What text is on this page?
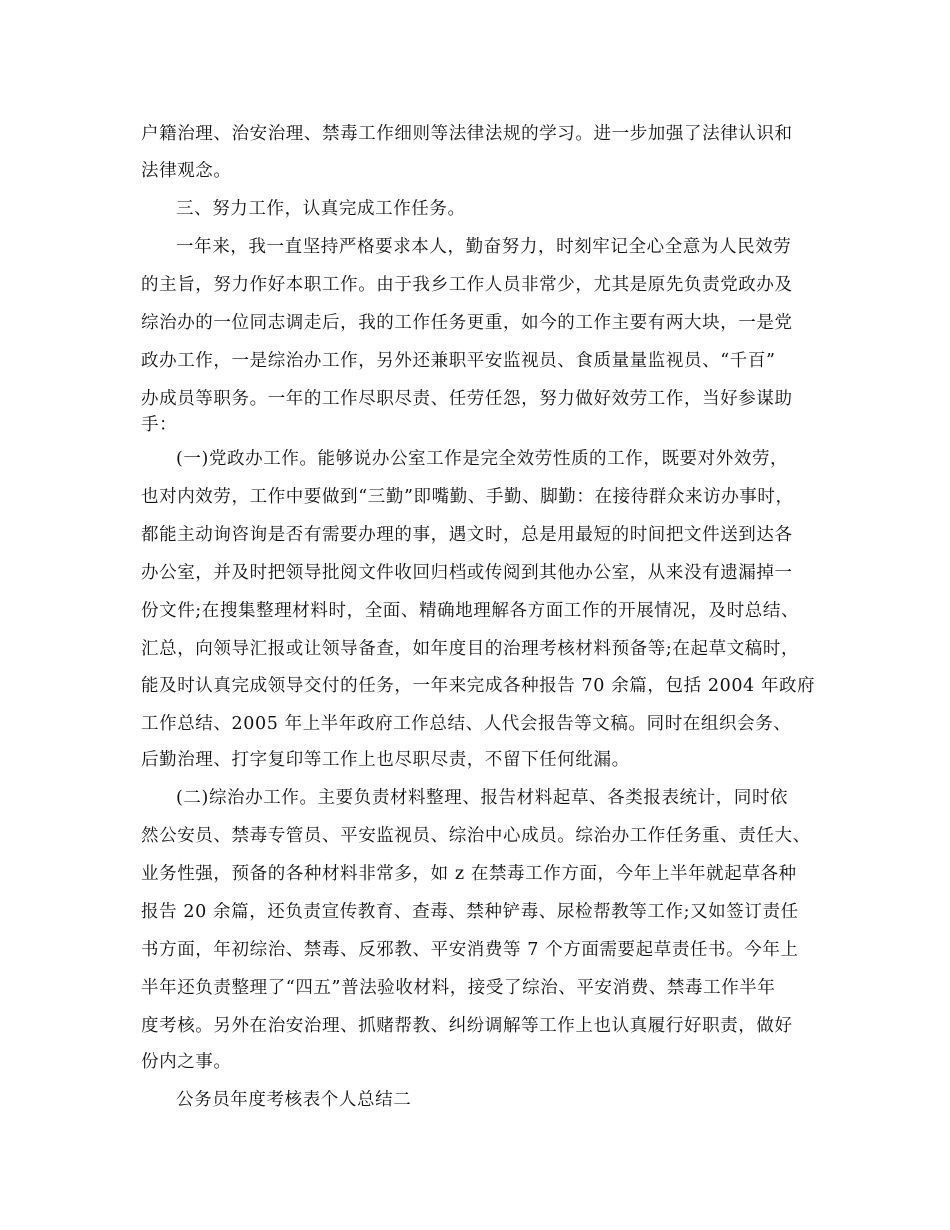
户籍治理、治安治理、禁毒工作细则等法律法规的学习。进一步加强了法律认识和
法律观念。
三、努力工作，认真完成工作任务。
一年来，我一直坚持严格要求本人，勤奋努力，时刻牢记全心全意为人民效劳
的主旨，努力作好本职工作。由于我乡工作人员非常少，尤其是原先负责党政办及
综治办的一位同志调走后，我的工作任务更重，如今的工作主要有两大块，一是党
政办工作，一是综治办工作，另外还兼职平安监视员、食质量量监视员、“千百”
办成员等职务。一年的工作尽职尽责、任劳任怨，努力做好效劳工作，当好参谋助
手：
(一)党政办工作。能够说办公室工作是完全效劳性质的工作，既要对外效劳，
也对内效劳，工作中要做到“三勤”即嘴勤、手勤、脚勤：在接待群众来访办事时，
都能主动询咨询是否有需要办理的事，遇文时，总是用最短的时间把文件送到达各
办公室，并及时把领导批阅文件收回归档或传阅到其他办公室，从来没有遗漏掉一
份文件;在搜集整理材料时，全面、精确地理解各方面工作的开展情况，及时总结、
汇总，向领导汇报或让领导备查，如年度目的治理考核材料预备等;在起草文稿时，
能及时认真完成领导交付的任务，一年来完成各种报告 70 余篇，包括 2004 年政府
工作总结、2005 年上半年政府工作总结、人代会报告等文稿。同时在组织会务、
后勤治理、打字复印等工作上也尽职尽责，不留下任何纰漏。
(二)综治办工作。主要负责材料整理、报告材料起草、各类报表统计，同时依
然公安员、禁毒专管员、平安监视员、综治中心成员。综治办工作任务重、责任大、
业务性强，预备的各种材料非常多，如 z 在禁毒工作方面，今年上半年就起草各种
报告 20 余篇，还负责宣传教育、查毒、禁种铲毒、尿检帮教等工作;又如签订责任
书方面，年初综治、禁毒、反邪教、平安消费等 7 个方面需要起草责任书。今年上
半年还负责整理了“四五”普法验收材料，接受了综治、平安消费、禁毒工作半年
度考核。另外在治安治理、抓赌帮教、纠纷调解等工作上也认真履行好职责，做好
份内之事。
公务员年度考核表个人总结二
